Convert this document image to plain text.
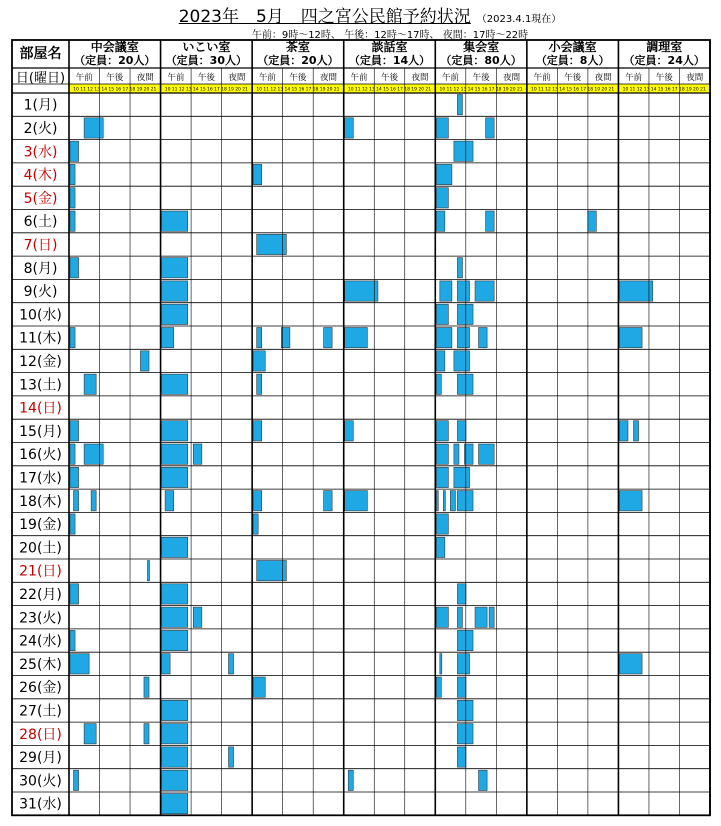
2023年　5月　四之宮公民館予約状況 （2023.4.1現在）
午前：9時～12時、 午後：12時～17時、 夜間：17時～22時
1(月)
2(火)
3(水)
4(木)
5(金)
6(土)
7(日)
8(月)
9(火)
10(水)
11(木)
12(金)
13(土)
14(日)
15(月)
16(火)
17(水)
18(木)
19(金)
20(土)
21(日)
22(月)
23(火)
24(水)
25(木)
26(金)
27(土)
28(日)
29(月)
30(火)
31(水)
部屋名
日(曜日)
中会議室
（定員：20人）
午前 午後 夜間
10 11 12 13 14 15 16 17 18 19 20 21
いこい室
（定員：30人）
午前 午後 夜間
10 11 12 13 14 15 16 17 18 19 20 21
茶室
（定員：20人）
午前 午後 夜間
10 11 12 13 14 15 16 17 18 19 20 21
談話室
（定員：14人）
午前 午後 夜間
10 11 12 13 14 15 16 17 18 19 20 21
集会室
（定員：80人）
午前 午後 夜間
10 11 12 13 14 15 16 17 18 19 20 21
小会議室
（定員：8人）
午前 午後 夜間
10 11 12 13 14 15 16 17 18 19 20 21
調理室
（定員：24人）
午前 午後 夜間
10 11 12 13 14 15 16 17 18 19 20 21
